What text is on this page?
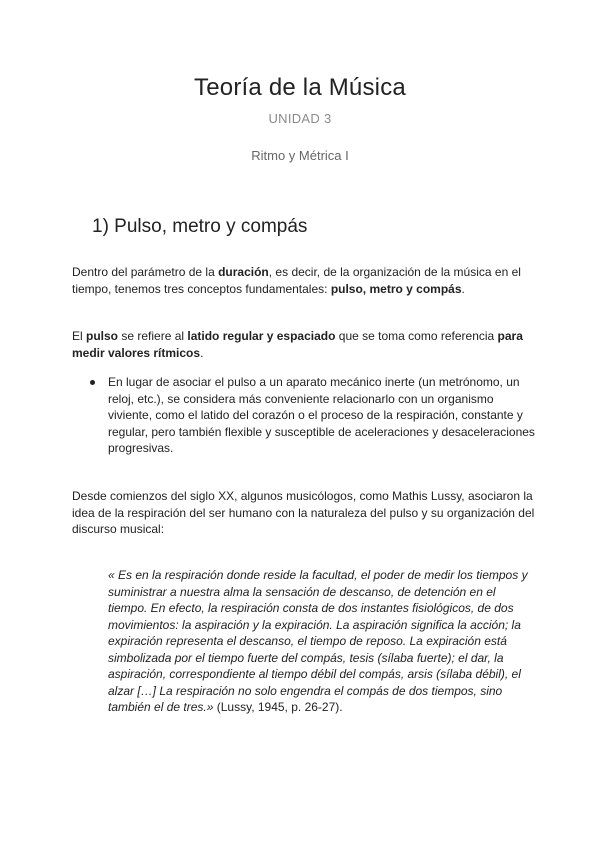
Teoría de la Música
UNIDAD 3
Ritmo y Métrica I
1) Pulso, metro y compás
Dentro del parámetro de la duración, es decir, de la organización de la música en el tiempo, tenemos tres conceptos fundamentales: pulso, metro y compás.
El pulso se refiere al latido regular y espaciado que se toma como referencia para medir valores rítmicos.
En lugar de asociar el pulso a un aparato mecánico inerte (un metrónomo, un reloj, etc.), se considera más conveniente relacionarlo con un organismo viviente, como el latido del corazón o el proceso de la respiración, constante y regular, pero también flexible y susceptible de aceleraciones y desaceleraciones progresivas.
Desde comienzos del siglo XX, algunos musicólogos, como Mathis Lussy, asociaron la idea de la respiración del ser humano con la naturaleza del pulso y su organización del discurso musical:
« Es en la respiración donde reside la facultad, el poder de medir los tiempos y suministrar a nuestra alma la sensación de descanso, de detención en el tiempo. En efecto, la respiración consta de dos instantes fisiológicos, de dos movimientos: la aspiración y la expiración. La aspiración significa la acción; la expiración representa el descanso, el tiempo de reposo. La expiración está simbolizada por el tiempo fuerte del compás, tesis (sílaba fuerte); el dar, la aspiración, correspondiente al tiempo débil del compás, arsis (sílaba débil), el alzar […] La respiración no solo engendra el compás de dos tiempos, sino también el de tres.» (Lussy, 1945, p. 26-27).
